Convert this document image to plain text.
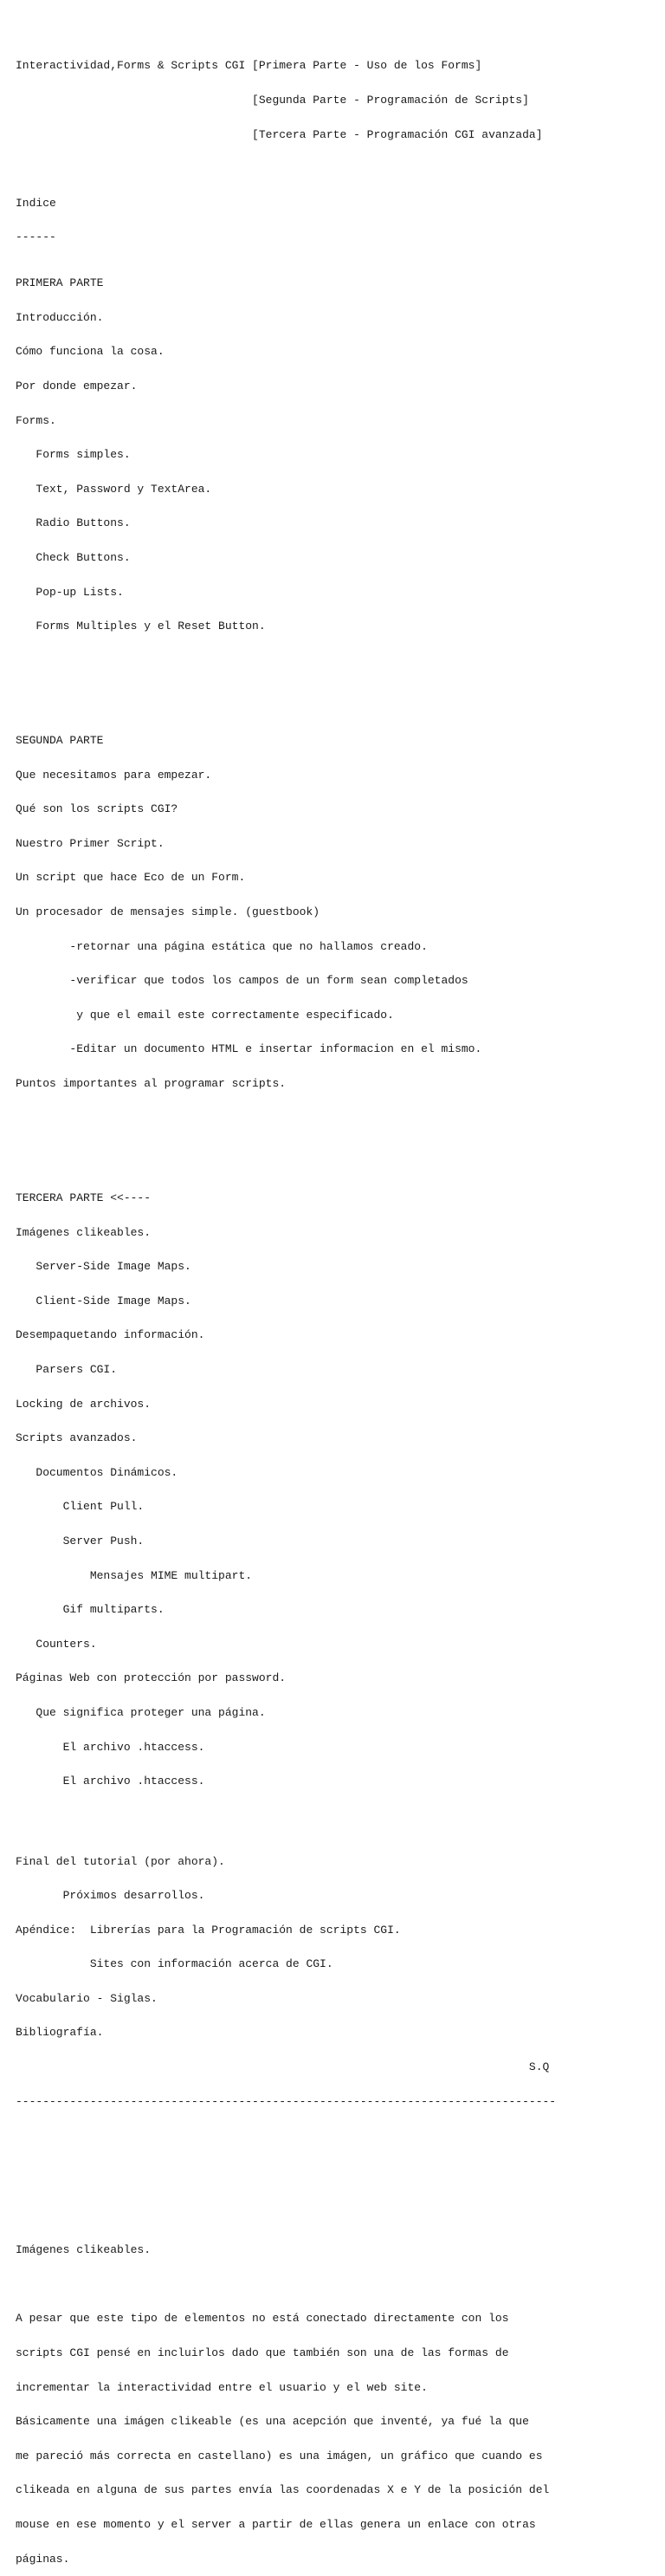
Interactividad,Forms & Scripts CGI [Primera Parte - Uso de los Forms]

[Segunda Parte - Programación de Scripts]

[Tercera Parte - Programación CGI avanzada]

Indice

------

PRIMERA PARTE

Introducción.

Cómo funciona la cosa.

Por donde empezar.

Forms.

Forms simples.

Text, Password y TextArea.

Radio Buttons.

Check Buttons.

Pop-up Lists.

Forms Multiples y el Reset Button.

SEGUNDA PARTE

Que necesitamos para empezar.

Qué son los scripts CGI?

Nuestro Primer Script.

Un script que hace Eco de un Form.

Un procesador de mensajes simple. (guestbook)

-retornar una página estática que no hallamos creado.

-verificar que todos los campos de un form sean completados

y que el email este correctamente especificado.

-Editar un documento HTML e insertar informacion en el mismo.

Puntos importantes al programar scripts.

TERCERA PARTE <<----

Imágenes clikeables.

Server-Side Image Maps.

Client-Side Image Maps.

Desempaquetando información.

Parsers CGI.

Locking de archivos.

Scripts avanzados.

Documentos Dinámicos.

Client Pull.

Server Push.

Mensajes MIME multipart.

Gif multiparts.

Counters.

Páginas Web con protección por password.

Que significa proteger una página.

El archivo .htaccess.

El archivo .htaccess.

Final del tutorial (por ahora).

Próximos desarrollos.

Apéndice:  Librerías para la Programación de scripts CGI.

Sites con información acerca de CGI.

Vocabulario - Siglas.

Bibliografía.

S.Q

--------------------------------------------------------------------------------

Imágenes clikeables.

A pesar que este tipo de elementos no está conectado directamente con los

scripts CGI pensé en incluirlos dado que también son una de las formas de

incrementar la interactividad entre el usuario y el web site.

Básicamente una imágen clikeable (es una acepción que inventé, ya fué la que

me pareció más correcta en castellano) es una imágen, un gráfico que cuando es

clikeada en alguna de sus partes envía las coordenadas X e Y de la posición del

mouse en ese momento y el server a partir de ellas genera un enlace con otras

páginas.
